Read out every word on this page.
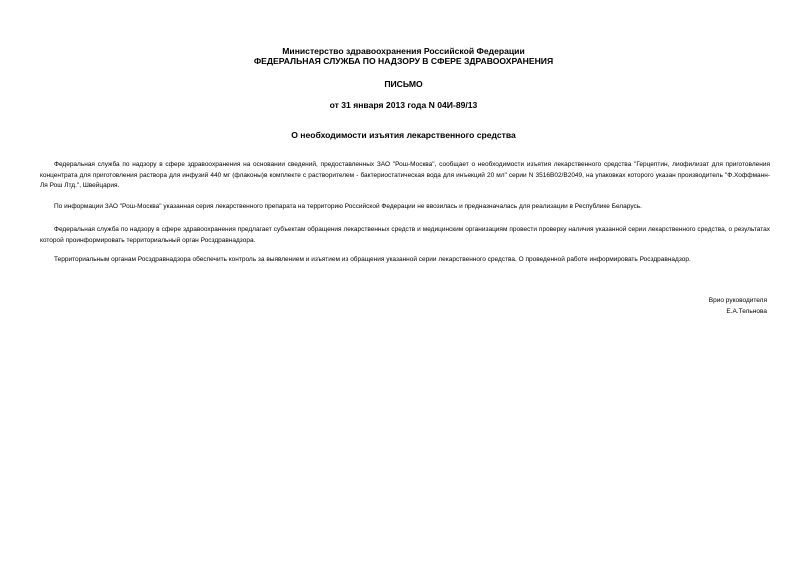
Министерство здравоохранения Российской Федерации
ФЕДЕРАЛЬНАЯ СЛУЖБА ПО НАДЗОРУ В СФЕРЕ ЗДРАВООХРАНЕНИЯ
ПИСЬМО
от 31 января 2013 года N 04И-89/13
О необходимости изъятия лекарственного средства

Федеральная служба по надзору в сфере здравоохранения на основании сведений, предоставленных ЗАО "Рош-Москва", сообщает о необходимости изъятия лекарственного средства "Герцептин, лиофилизат для приготовления концентрата для приготовления раствора для инфузий 440 мг (флаконы)в комплекте с растворителем - бактериостатическая вода для инъекций 20 мл" серии N 3516В02/В2049, на упаковках которого указан производитель "Ф.Хоффманн-Ля Рош Лтд.", Швейцария.

По информации ЗАО "Рош-Москва" указанная серия лекарственного препарата на территорию Российской Федерации не ввозилась и предназначалась для реализации в Республике Беларусь.

Федеральная служба по надзору в сфере здравоохранения предлагает субъектам обращения лекарственных средств и медицинским организациям провести проверку наличия указанной серии лекарственного средства, о результатах которой проинформировать территориальный орган Росздравнадзора.

Территориальным органам Росздравнадзора обеспечить контроль за выявлением и изъятием из обращения указанной серии лекарственного средства. О проведенной работе информировать Росздравнадзор.

Врио руководителя
Е.А.Тельнова
